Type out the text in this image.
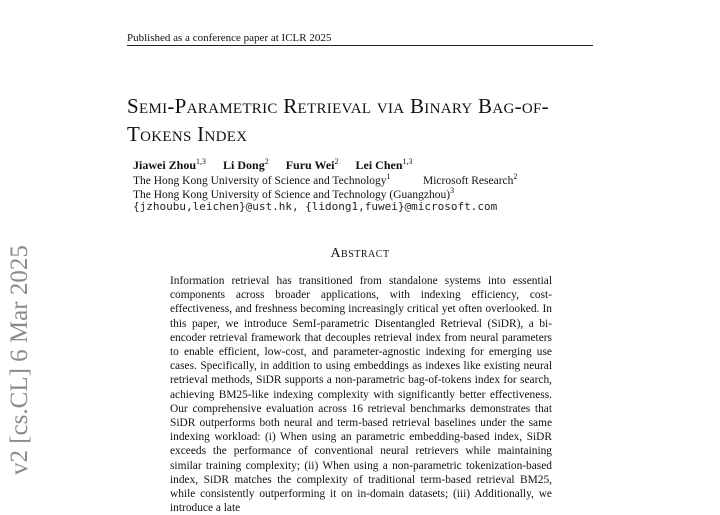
Published as a conference paper at ICLR 2025
Semi-Parametric Retrieval via Binary Bag-of-
Tokens Index
Jiawei Zhou$^{1,3}$ Li Dong$^2$ Furu Wei$^2$ Lei Chen$^{1,3}$
The Hong Kong University of Science and Technology$^1$	Microsoft Research$^2$
The Hong Kong University of Science and Technology (Guangzhou)$^3$
{jzhoubu,leichen}@ust.hk, {lidong1,fuwei}@microsoft.com
Abstract

Information retrieval has transitioned from standalone systems into essential components across broader applications, with indexing efficiency, cost-effectiveness, and freshness becoming increasingly critical yet often overlooked. In this paper, we introduce SemI-parametric Disentangled Retrieval (SiDR), a bi-encoder retrieval framework that decouples retrieval index from neural parameters to enable efficient, low-cost, and parameter-agnostic indexing for emerging use cases. Specifically, in addition to using embeddings as indexes like existing neural retrieval methods, SiDR supports a non-parametric bag-of-tokens index for search, achieving BM25-like indexing complexity with significantly better effectiveness. Our comprehensive evaluation across 16 retrieval benchmarks demonstrates that SiDR outperforms both neural and term-based retrieval baselines under the same indexing workload: (i) When using an parametric embedding-based index, SiDR exceeds the performance of conventional neural retrievers while maintaining similar training complexity; (ii) When using a non-parametric tokenization-based index, SiDR matches the complexity of traditional term-based retrieval BM25, while consistently outperforming it on in-domain datasets; (iii) Additionally, we introduce a late

v2 [cs.CL] 6 Mar 2025
